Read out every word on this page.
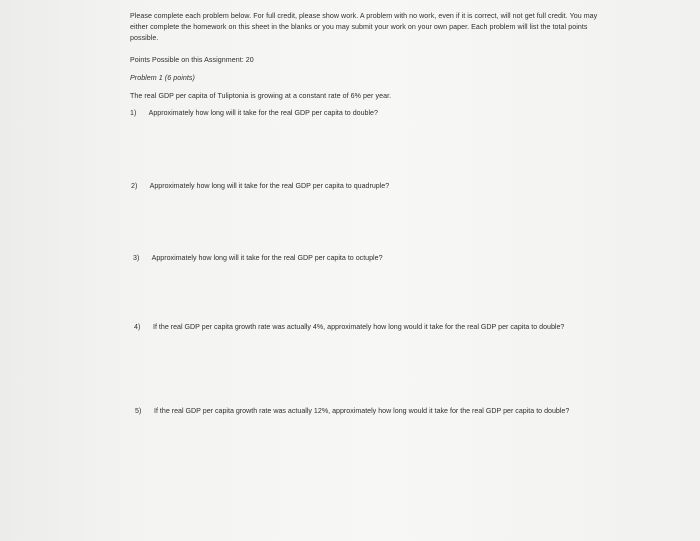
Please complete each problem below. For full credit, please show work. A problem with no work, even if it is correct, will not get full credit. You may either complete the homework on this sheet in the blanks or you may submit your work on your own paper. Each problem will list the total points possible.
Points Possible on this Assignment: 20
Problem 1 (6 points)
The real GDP per capita of Tuliptonia is growing at a constant rate of 6% per year.
1) Approximately how long will it take for the real GDP per capita to double?
2) Approximately how long will it take for the real GDP per capita to quadruple?
3) Approximately how long will it take for the real GDP per capita to octuple?
4) If the real GDP per capita growth rate was actually 4%, approximately how long would it take for the real GDP per capita to double?
5) If the real GDP per capita growth rate was actually 12%, approximately how long would it take for the real GDP per capita to double?
